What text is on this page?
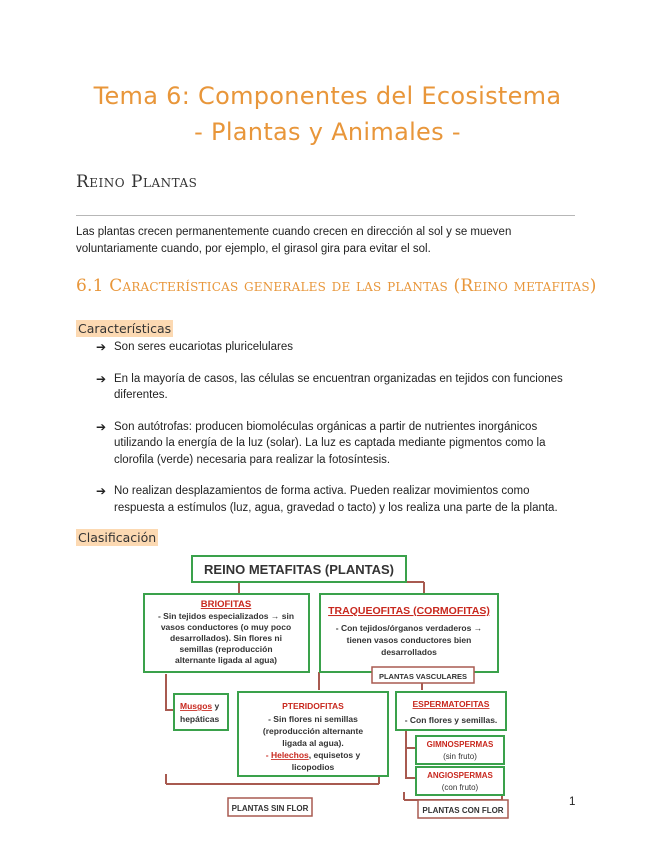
Tema 6: Componentes del Ecosistema
- Plantas y Animales -
Reino Plantas
Las plantas crecen permanentemente cuando crecen en dirección al sol y se mueven voluntariamente cuando, por ejemplo, el girasol gira para evitar el sol.
6.1 Características generales de las plantas (Reino metafitas)
Características
➔ Son seres eucariotas pluricelulares
➔ En la mayoría de casos, las células se encuentran organizadas en tejidos con funciones diferentes.
➔ Son autótrofas: producen biomoléculas orgánicas a partir de nutrientes inorgánicos utilizando la energía de la luz (solar). La luz es captada mediante pigmentos como la clorofila (verde) necesaria para realizar la fotosíntesis.
➔ No realizan desplazamientos de forma activa. Pueden realizar movimientos como respuesta a estímulos (luz, agua, gravedad o tacto) y los realiza una parte de la planta.
Clasificación
REINO METAFITAS (PLANTAS)
BRIOFITAS
- Sin tejidos especializados → sin
vasos conductores (o muy poco
desarrollados). Sin flores ni
semillas (reproducción
alternante ligada al agua)
TRAQUEOFITAS (CORMOFITAS)
- Con tejidos/órganos verdaderos →
tienen vasos conductores bien
desarrollados
PLANTAS VASCULARES
Musgos y
hepáticas
PTERIDOFITAS
- Sin flores ni semillas
(reproducción alternante
ligada al agua).
- Helechos, equisetos y
licopodios
ESPERMATOFITAS
- Con flores y semillas.
GIMNOSPERMAS
(sin fruto)
ANGIOSPERMAS
(con fruto)
PLANTAS SIN FLOR	PLANTAS CON FLOR
1
